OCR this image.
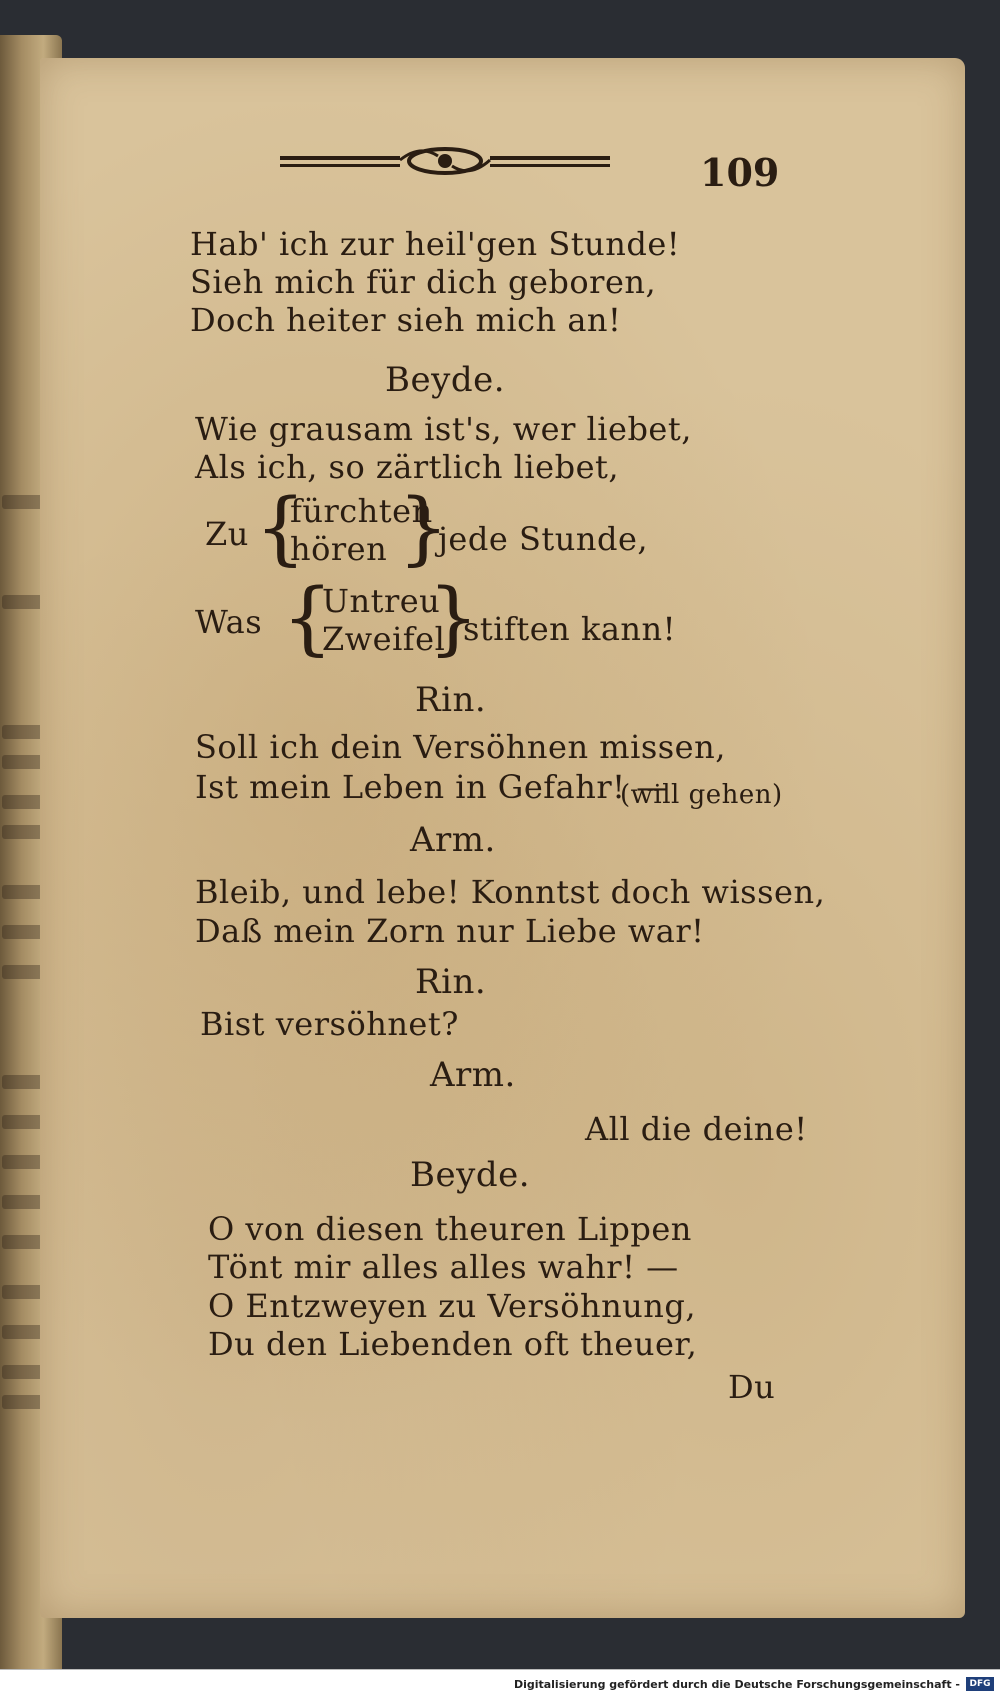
109
Hab' ich zur heil'gen Stunde!
Sieh mich für dich geboren,
Doch heiter sieh mich an!
Beyde.
Wie grausam ist's, wer liebet,
Als ich, so zärtlich liebet,
Zu {
fürchten
hören }
jede Stunde,
Was {
Untreu
Zweifel
}
stiften kann!
Rin.
Soll ich dein Versöhnen missen,
Ist mein Leben in Gefahr! —
(will gehen)
Arm.
Bleib, und lebe! Konntst doch wissen,
Daß mein Zorn nur Liebe war!
Rin.
Bist versöhnet?
Arm.
All die deine!
Beyde.
O von diesen theuren Lippen
Tönt mir alles alles wahr! —
O Entzweyen zu Versöhnung,
Du den Liebenden oft theuer,
Du
Digitalisierung gefördert durch die Deutsche Forschungsgemeinschaft -	DFG
